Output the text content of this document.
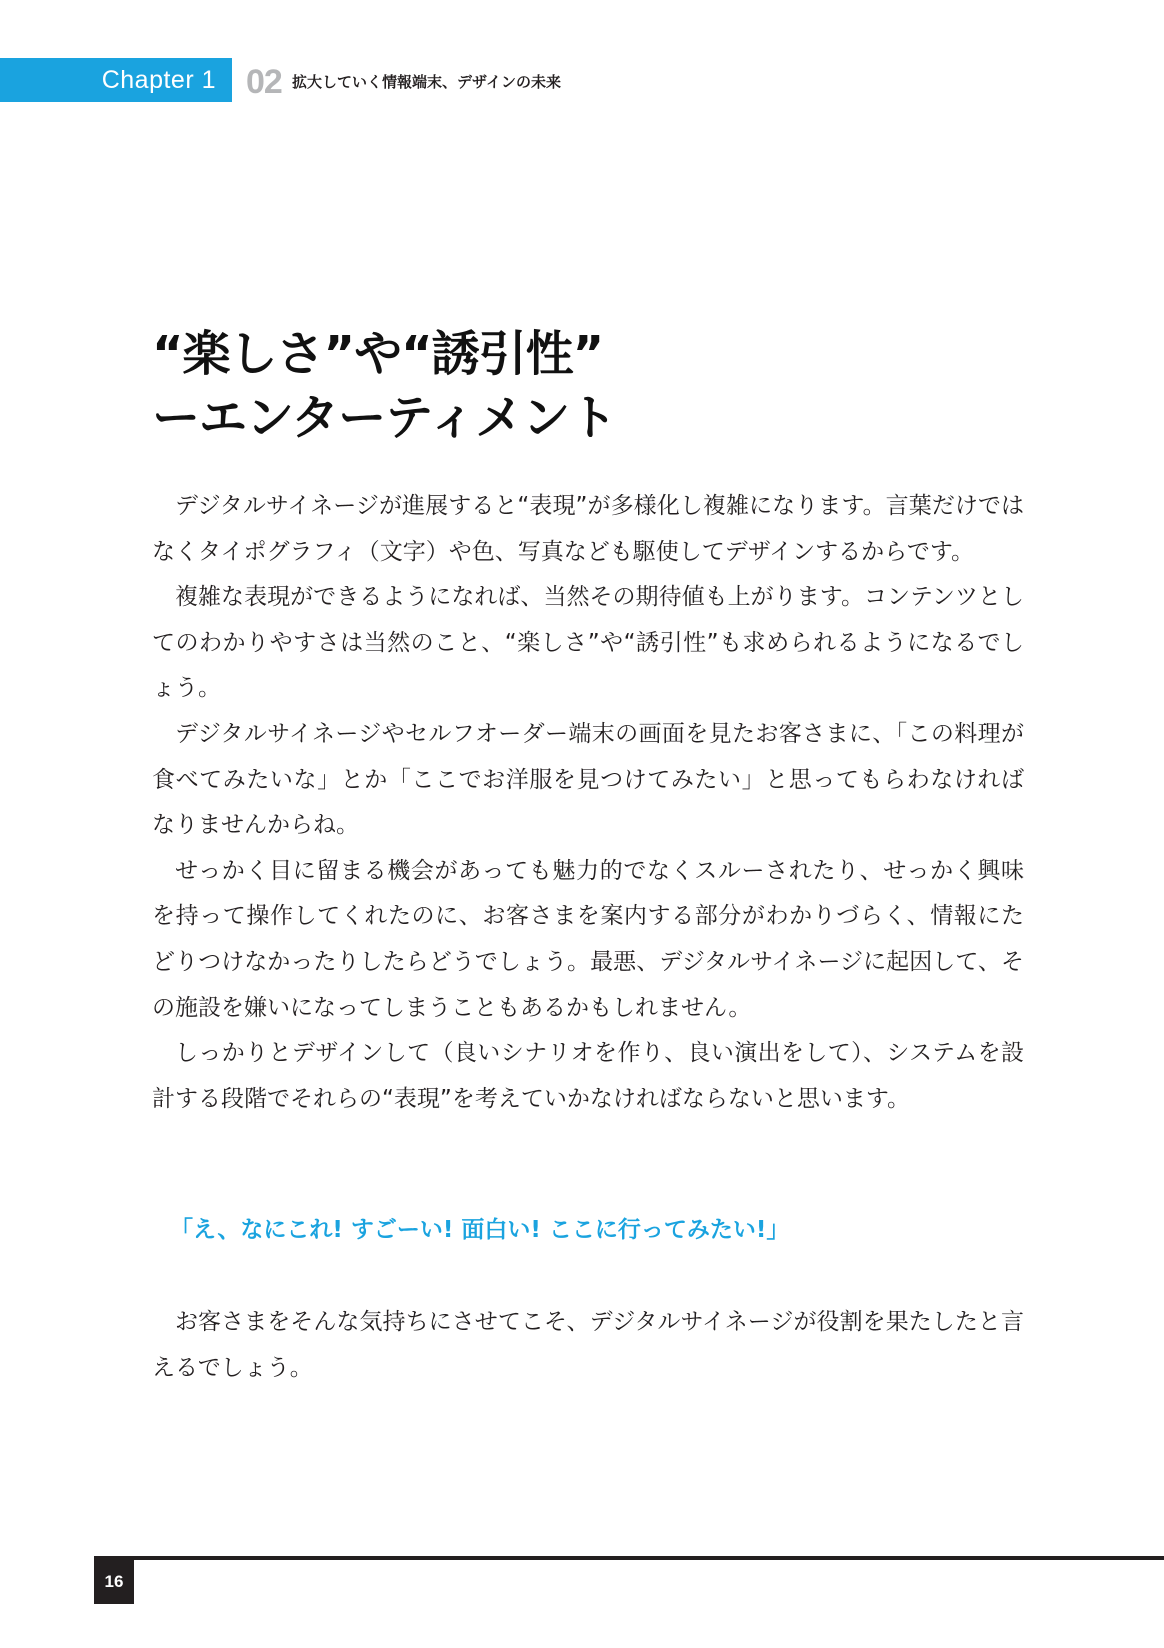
Chapter 1 02 拡大していく情報端末、デザインの未来
“楽しさ”や“誘引性”
ーエンターティメント

デジタルサイネージが進展すると“表現”が多様化し複雑になります。言葉だけではなくタイポグラフィ（文字）や色、写真なども駆使してデザインするからです。

複雑な表現ができるようになれば、当然その期待値も上がります。コンテンツとしてのわかりやすさは当然のこと、“楽しさ”や“誘引性”も求められるようになるでしょう。

デジタルサイネージやセルフオーダー端末の画面を見たお客さまに、「この料理が食べてみたいな」とか「ここでお洋服を見つけてみたい」と思ってもらわなければなりませんからね。

せっかく目に留まる機会があっても魅力的でなくスルーされたり、せっかく興味を持って操作してくれたのに、お客さまを案内する部分がわかりづらく、情報にたどりつけなかったりしたらどうでしょう。最悪、デジタルサイネージに起因して、その施設を嫌いになってしまうこともあるかもしれません。

しっかりとデザインして（良いシナリオを作り、良い演出をして）、システムを設計する段階でそれらの“表現”を考えていかなければならないと思います。

「え、なにこれ! すごーい! 面白い! ここに行ってみたい!」

お客さまをそんな気持ちにさせてこそ、デジタルサイネージが役割を果たしたと言えるでしょう。

16
